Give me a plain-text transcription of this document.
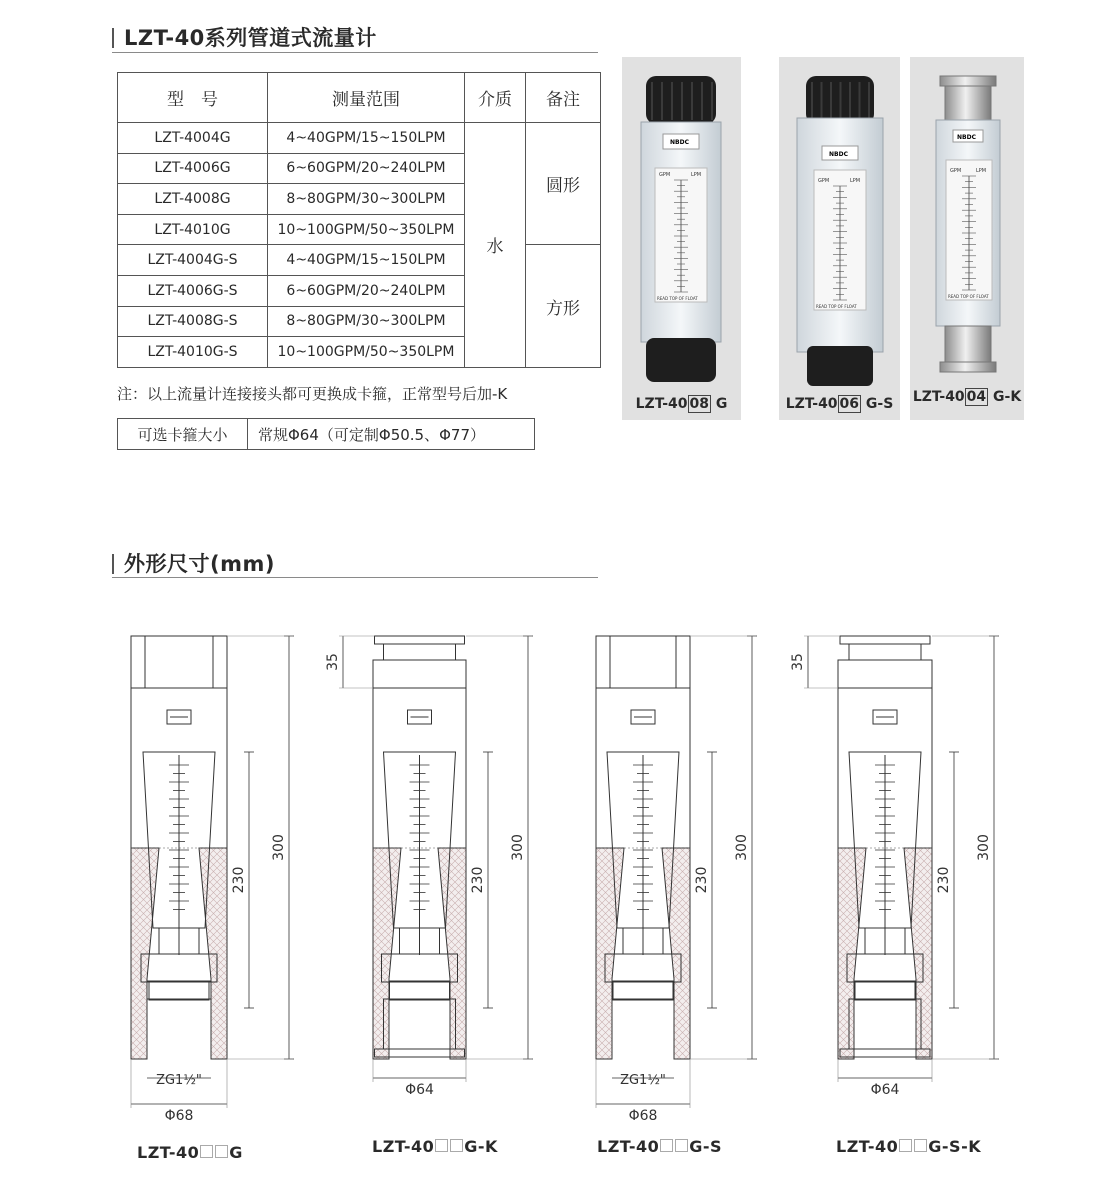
LZT-40系列管道式流量计
型　号	测量范围	介质	备注
LZT-4004G	4~40GPM/15~150LPM	水	圆形
LZT-4006G	6~60GPM/20~240LPM		
LZT-4008G	8~80GPM/30~300LPM		
LZT-4010G	10~100GPM/50~350LPM		
LZT-4004G-S	4~40GPM/15~150LPM		方形
LZT-4006G-S	6~60GPM/20~240LPM		
LZT-4008G-S	8~80GPM/30~300LPM		
LZT-4010G-S	10~100GPM/50~350LPM		
注：以上流量计连接接头都可更换成卡箍，正常型号后加-K
可选卡箍大小	常规Φ64（可定制Φ50.5、Φ77）
LZT-40 08 G	LZT-40 06 G-S	LZT-40 04 G-K
外形尺寸(mm)
LZT-40 G	LZT-40 G-K	LZT-40 G-S	LZT-40 G-S-K
NBDC
GPM	LPM
READ TOP OF FLOAT
NBDC
GPM	LPM
READ TOP OF FLOAT
NBDC
GPM	LPM
READ TOP OF FLOAT
230
300
ZG1½"
Φ68
230
300
35
Φ64
230
300
ZG1½"
Φ68
230
300
35
Φ64
